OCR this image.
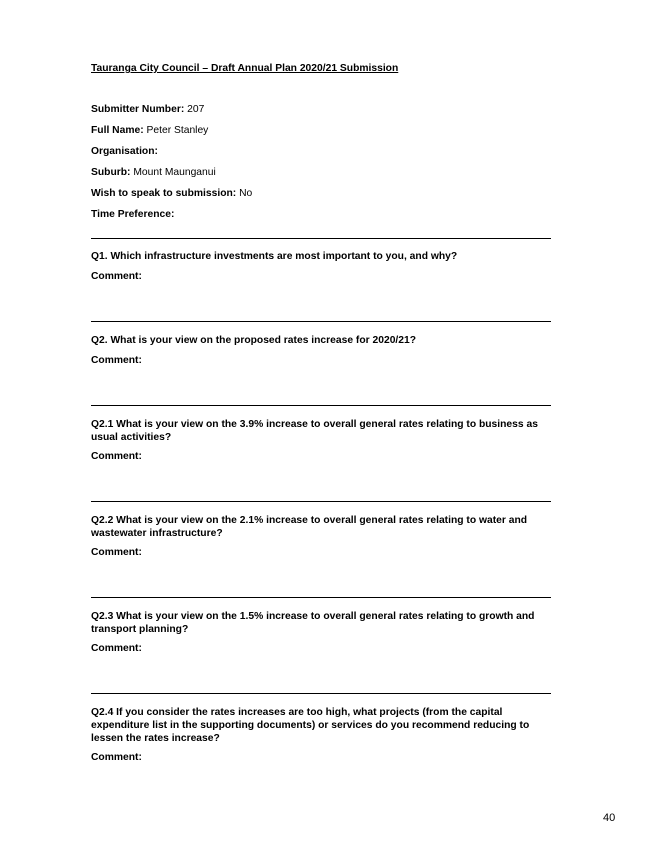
Tauranga City Council – Draft Annual Plan 2020/21 Submission
Submitter Number: 207
Full Name: Peter Stanley
Organisation:
Suburb: Mount Maunganui
Wish to speak to submission: No
Time Preference:
Q1. Which infrastructure investments are most important to you, and why?
Comment:
Q2. What is your view on the proposed rates increase for 2020/21?
Comment:
Q2.1 What is your view on the 3.9% increase to overall general rates relating to business as usual activities?
Comment:
Q2.2 What is your view on the 2.1% increase to overall general rates relating to water and wastewater infrastructure?
Comment:
Q2.3 What is your view on the 1.5% increase to overall general rates relating to growth and transport planning?
Comment:
Q2.4 If you consider the rates increases are too high, what projects (from the capital expenditure list in the supporting documents) or services do you recommend reducing to lessen the rates increase?
Comment:
40
